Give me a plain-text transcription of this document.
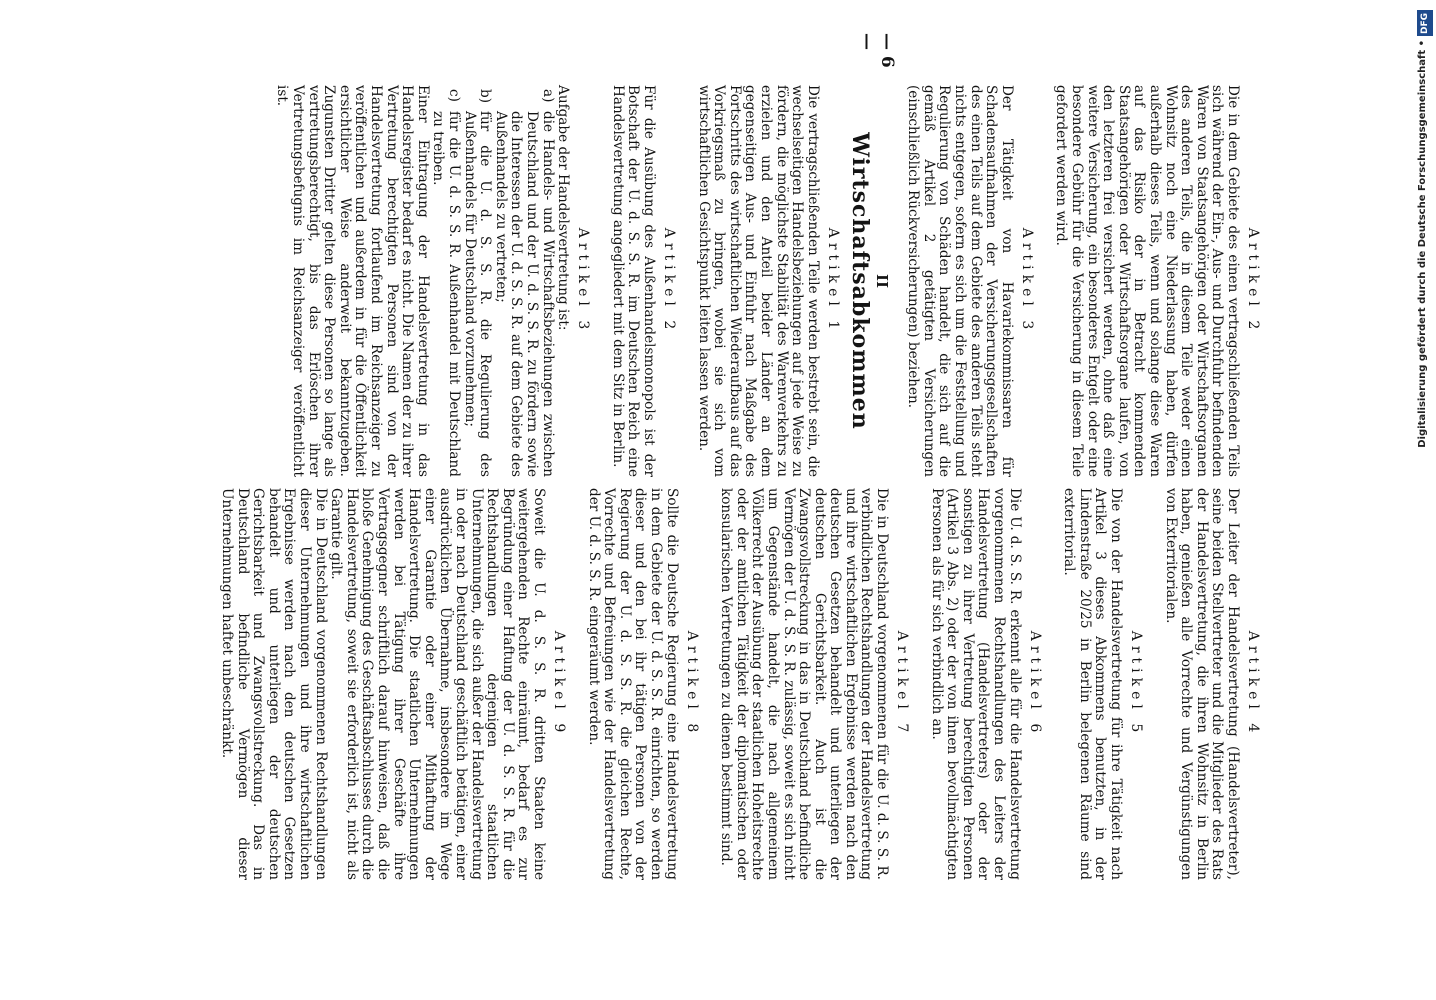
— 6 —
Artikel 2

Die in dem Gebiete des einen vertragschließenden Teils sich während der Ein-, Aus- und Durchfuhr befindenden Waren von Staatsangehörigen oder Wirtschaftsorganen des anderen Teils, die in diesem Teile weder einen Wohnsitz noch eine Niederlassung haben, dürfen außerhalb dieses Teils, wenn und solange diese Waren auf das Risiko der in Betracht kommenden Staatsangehörigen oder Wirtschaftsorgane laufen, von den letzteren frei versichert werden, ohne daß eine weitere Versicherung, ein besonderes Entgelt oder eine besondere Gebühr für die Versicherung in diesem Teile gefordert werden wird.

Artikel 3

Der Tätigkeit von Havariekommissaren für Schadensaufnahmen der Versicherungsgesellschaften des einen Teils auf dem Gebiete des anderen Teils steht nichts entgegen, sofern es sich um die Feststellung und Regulierung von Schäden handelt, die sich auf die gemäß Artikel 2 getätigten Versicherungen (einschließlich Rückversicherungen) beziehen.

II
Wirtschaftsabkommen
Artikel 1

Die vertragschließenden Teile werden bestrebt sein, die wechselseitigen Handelsbeziehungen auf jede Weise zu fördern, die möglichste Stabilität des Warenverkehrs zu erzielen und den Anteil beider Länder an dem gegenseitigen Aus- und Einfuhr nach Maßgabe des Fortschritts des wirtschaftlichen Wiederaufbaus auf das Vorkriegsmaß zu bringen, wobei sie sich vom wirtschaftlichen Gesichtspunkt leiten lassen werden.

Artikel 2

Für die Ausübung des Außenhandelsmonopols ist der Botschaft der U. d. S. S. R. im Deutschen Reich eine Handelsvertretung angegliedert mit dem Sitz in Berlin.

Artikel 3

Aufgabe der Handelsvertretung ist:

a)
die Handels- und Wirtschaftsbeziehungen zwischen Deutschland und der U. d. S. S. R. zu fördern sowie die Interessen der U. d. S. S. R. auf dem Gebiete des Außenhandels zu vertreten;
b)
für die U. d. S. S. R. die Regulierung des Außenhandels für Deutschland vorzunehmen;
c)
für die U. d. S. S. R. Außenhandel mit Deutschland zu treiben.

Einer Eintragung der Handelsvertretung in das Handelsregister bedarf es nicht. Die Namen der zu ihrer Vertretung berechtigten Personen sind von der Handelsvertretung fortlaufend im Reichsanzeiger zu veröffentlichen und außerdem in für die Öffentlichkeit ersichtlicher Weise anderweit bekanntzugeben. Zugunsten Dritter gelten diese Personen so lange als vertretungsberechtigt, bis das Erlöschen ihrer Vertretungsbefugnis im Reichsanzeiger veröffentlicht ist.

Artikel 4

Der Leiter der Handelsvertretung (Handelsvertreter), seine beiden Stellvertreter und die Mitglieder des Rats der Handelsvertretung, die ihren Wohnsitz in Berlin haben, genießen alle Vorrechte und Vergünstigungen von Exterritorialen.

Artikel 5

Die von der Handelsvertretung für ihre Tätigkeit nach Artikel 3 dieses Abkommens benutzten, in der Lindenstraße 20/25 in Berlin belegenen Räume sind exterritorial.

Artikel 6

Die U. d. S. S. R. erkennt alle für die Handelsvertretung vorgenommenen Rechtshandlungen des Leiters der Handelsvertretung (Handelsvertreters) oder der sonstigen zu ihrer Vertretung berechtigten Personen (Artikel 3 Abs. 2) oder der von ihnen bevollmächtigten Personen als für sich verbindlich an.

Artikel 7

Die in Deutschland vorgenommenen für die U. d. S. S. R. verbindlichen Rechtshandlungen der Handelsvertretung und ihre wirtschaftlichen Ergebnisse werden nach den deutschen Gesetzen behandelt und unterliegen der deutschen Gerichtsbarkeit. Auch ist die Zwangsvollstreckung in das in Deutschland befindliche Vermögen der U. d. S. S. R. zulässig, soweit es sich nicht um Gegenstände handelt, die nach allgemeinem Völkerrecht der Ausübung der staatlichen Hoheitsrechte oder der amtlichen Tätigkeit der diplomatischen oder konsularischen Vertretungen zu dienen bestimmt sind.

Artikel 8

Sollte die Deutsche Regierung eine Handelsvertretung in dem Gebiete der U. d. S. S. R. einrichten, so werden dieser und den bei ihr tätigen Personen von der Regierung der U. d. S. S. R. die gleichen Rechte, Vorrechte und Befreiungen wie der Handelsvertretung der U. d. S. S. R. eingeräumt werden.

Artikel 9

Soweit die U. d. S. S. R. dritten Staaten keine weitergehenden Rechte einräumt, bedarf es zur Begründung einer Haftung der U. d. S. S. R. für die Rechtshandlungen derjenigen staatlichen Unternehmungen, die sich außer der Handelsvertretung in oder nach Deutschland geschäftlich betätigen, einer ausdrücklichen Übernahme, insbesondere im Wege einer Garantie oder einer Mithaftung der Handelsvertretung. Die staatlichen Unternehmungen werden bei Tätigung ihrer Geschäfte ihre Vertragsgegner schriftlich darauf hinweisen, daß die bloße Genehmigung des Geschäftsabschlusses durch die Handelsvertretung, soweit sie erforderlich ist, nicht als Garantie gilt.

Die in Deutschland vorgenommenen Rechtshandlungen dieser Unternehmungen und ihre wirtschaftlichen Ergebnisse werden nach den deutschen Gesetzen behandelt und unterliegen der deutschen Gerichtsbarkeit und Zwangsvollstreckung. Das in Deutschland befindliche Vermögen dieser Unternehmungen haftet unbeschränkt.

DFG
Digitalisierung gefördert durch die Deutsche Forschungsgemeinschaft •
